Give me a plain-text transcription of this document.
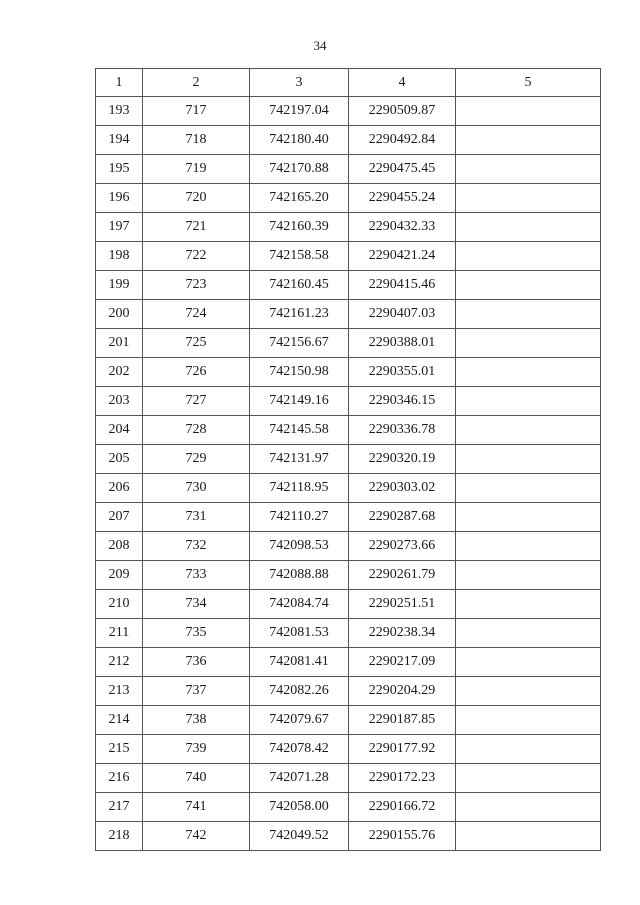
34
1	2	3	4	5
193	717	742197.04	2290509.87	
194	718	742180.40	2290492.84	
195	719	742170.88	2290475.45	
196	720	742165.20	2290455.24	
197	721	742160.39	2290432.33	
198	722	742158.58	2290421.24	
199	723	742160.45	2290415.46	
200	724	742161.23	2290407.03	
201	725	742156.67	2290388.01	
202	726	742150.98	2290355.01	
203	727	742149.16	2290346.15	
204	728	742145.58	2290336.78	
205	729	742131.97	2290320.19	
206	730	742118.95	2290303.02	
207	731	742110.27	2290287.68	
208	732	742098.53	2290273.66	
209	733	742088.88	2290261.79	
210	734	742084.74	2290251.51	
211	735	742081.53	2290238.34	
212	736	742081.41	2290217.09	
213	737	742082.26	2290204.29	
214	738	742079.67	2290187.85	
215	739	742078.42	2290177.92	
216	740	742071.28	2290172.23	
217	741	742058.00	2290166.72	
218	742	742049.52	2290155.76	
